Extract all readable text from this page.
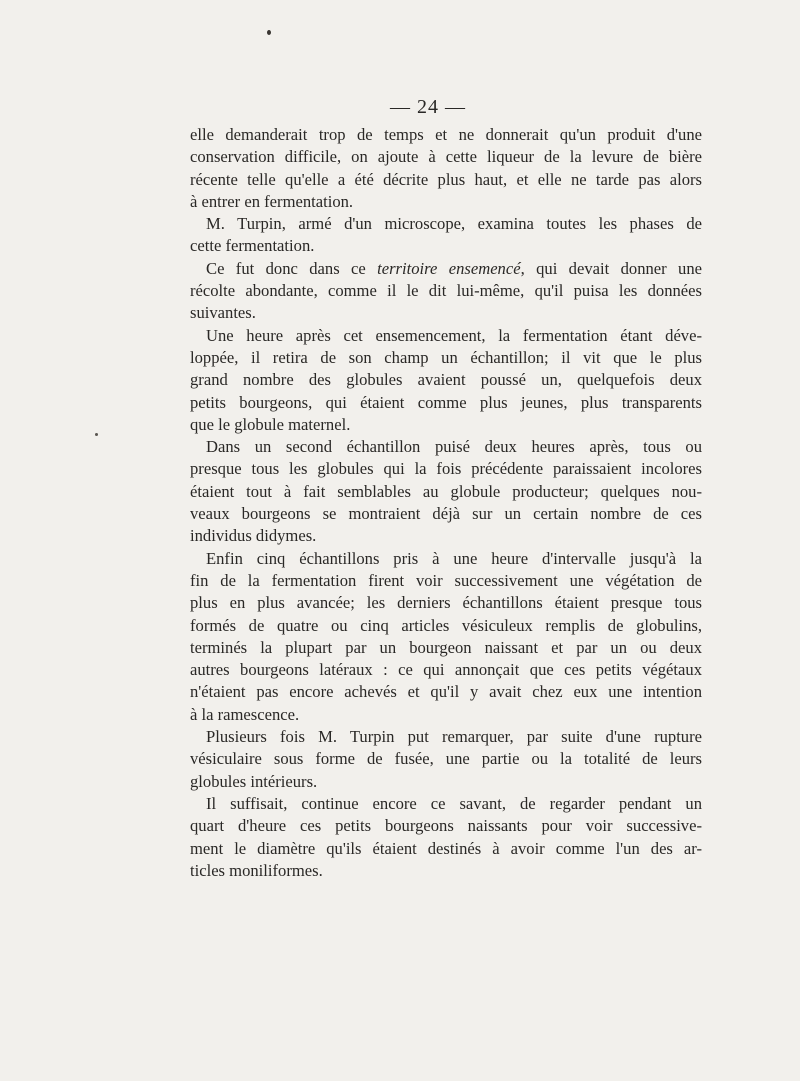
— 24 —
elle demanderait trop de temps et ne donnerait qu'un produit d'une
conservation difficile, on ajoute à cette liqueur de la levure de bière
récente telle qu'elle a été décrite plus haut, et elle ne tarde pas alors
à entrer en fermentation.
M. Turpin, armé d'un microscope, examina toutes les phases de
cette fermentation.
Ce fut donc dans ce territoire ensemencé, qui devait donner une
récolte abondante, comme il le dit lui-même, qu'il puisa les données
suivantes.
Une heure après cet ensemencement, la fermentation étant déve-
loppée, il retira de son champ un échantillon; il vit que le plus
grand nombre des globules avaient poussé un, quelquefois deux
petits bourgeons, qui étaient comme plus jeunes, plus transparents
que le globule maternel.
Dans un second échantillon puisé deux heures après, tous ou
presque tous les globules qui la fois précédente paraissaient incolores
étaient tout à fait semblables au globule producteur; quelques nou-
veaux bourgeons se montraient déjà sur un certain nombre de ces
individus didymes.
Enfin cinq échantillons pris à une heure d'intervalle jusqu'à la
fin de la fermentation firent voir successivement une végétation de
plus en plus avancée; les derniers échantillons étaient presque tous
formés de quatre ou cinq articles vésiculeux remplis de globulins,
terminés la plupart par un bourgeon naissant et par un ou deux
autres bourgeons latéraux : ce qui annonçait que ces petits végétaux
n'étaient pas encore achevés et qu'il y avait chez eux une intention
à la ramescence.
Plusieurs fois M. Turpin put remarquer, par suite d'une rupture
vésiculaire sous forme de fusée, une partie ou la totalité de leurs
globules intérieurs.
Il suffisait, continue encore ce savant, de regarder pendant un
quart d'heure ces petits bourgeons naissants pour voir successive-
ment le diamètre qu'ils étaient destinés à avoir comme l'un des ar-
ticles moniliformes.
